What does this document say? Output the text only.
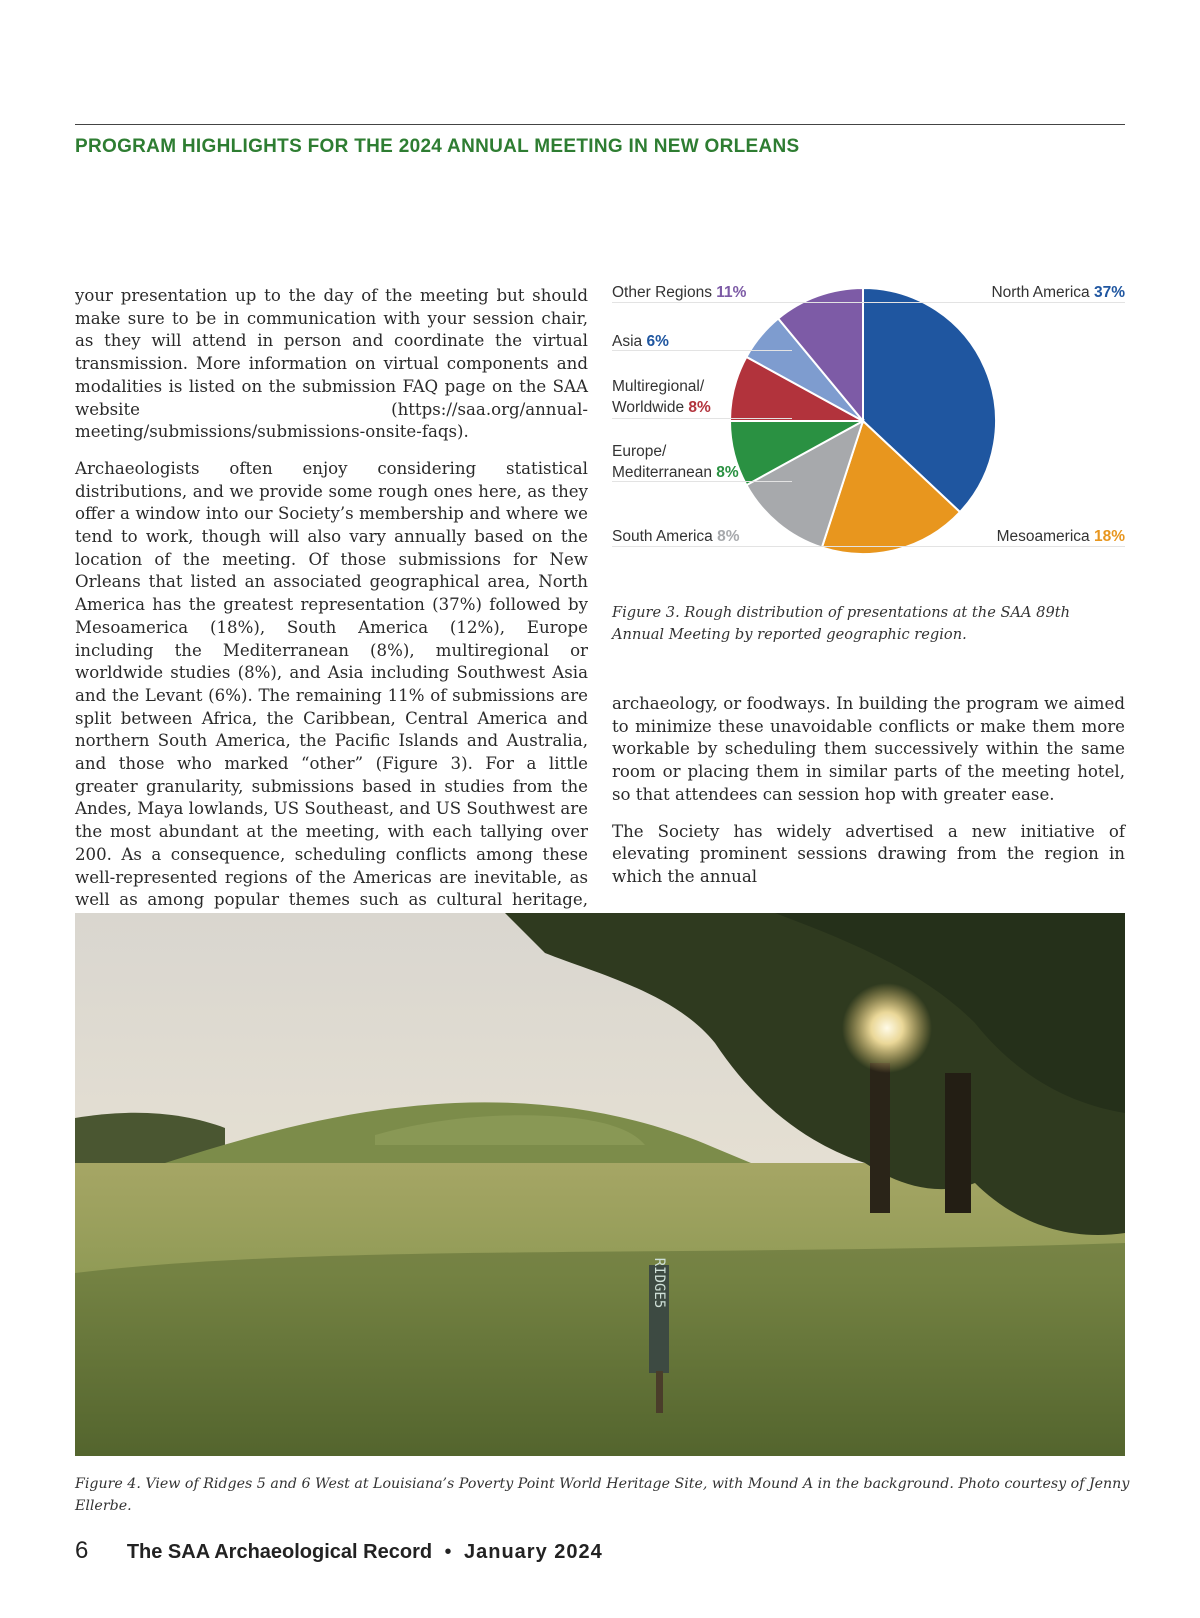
PROGRAM HIGHLIGHTS FOR THE 2024 ANNUAL MEETING IN NEW ORLEANS

your presentation up to the day of the meeting but should make sure to be in communication with your session chair, as they will attend in person and coordinate the virtual transmission. More information on virtual components and modalities is listed on the submission FAQ page on the SAA website (https://saa.org/annual-meeting/submissions/submissions-onsite-faqs).

Archaeologists often enjoy considering statistical distributions, and we provide some rough ones here, as they offer a window into our Society’s membership and where we tend to work, though will also vary annually based on the location of the meeting. Of those submissions for New Orleans that listed an associated geographical area, North America has the greatest representation (37%) followed by Mesoamerica (18%), South America (12%), Europe including the Mediterranean (8%), multiregional or worldwide studies (8%), and Asia including Southwest Asia and the Levant (6%). The remaining 11% of submissions are split between Africa, the Caribbean, Central America and northern South America, the Pacific Islands and Australia, and those who marked “other” (Figure 3). For a little greater granularity, submissions based in studies from the Andes, Maya lowlands, US Southeast, and US Southwest are the most abundant at the meeting, with each tallying over 200. As a consequence, scheduling conflicts among these well-represented regions of the Americas are inevitable, as well as among popular themes such as cultural heritage,

Other Regions 11%	North America 37%
Asia 6%
Multiregional/
Worldwide 8%
Europe/
Mediterranean 8%
South America 8%	Mesoamerica 18%
Figure 3. Rough distribution of presentations at the SAA 89th Annual Meeting by reported geographic region.

archaeology, or foodways. In building the program we aimed to minimize these unavoidable conflicts or make them more workable by scheduling them successively within the same room or placing them in similar parts of the meeting hotel, so that attendees can session hop with greater ease.

The Society has widely advertised a new initiative of elevating prominent sessions drawing from the region in which the annual

RIDGE5
Figure 4. View of Ridges 5 and 6 West at Louisiana’s Poverty Point World Heritage Site, with Mound A in the background. Photo courtesy of Jenny Ellerbe.
6 The SAA Archaeological Record • January 2024
